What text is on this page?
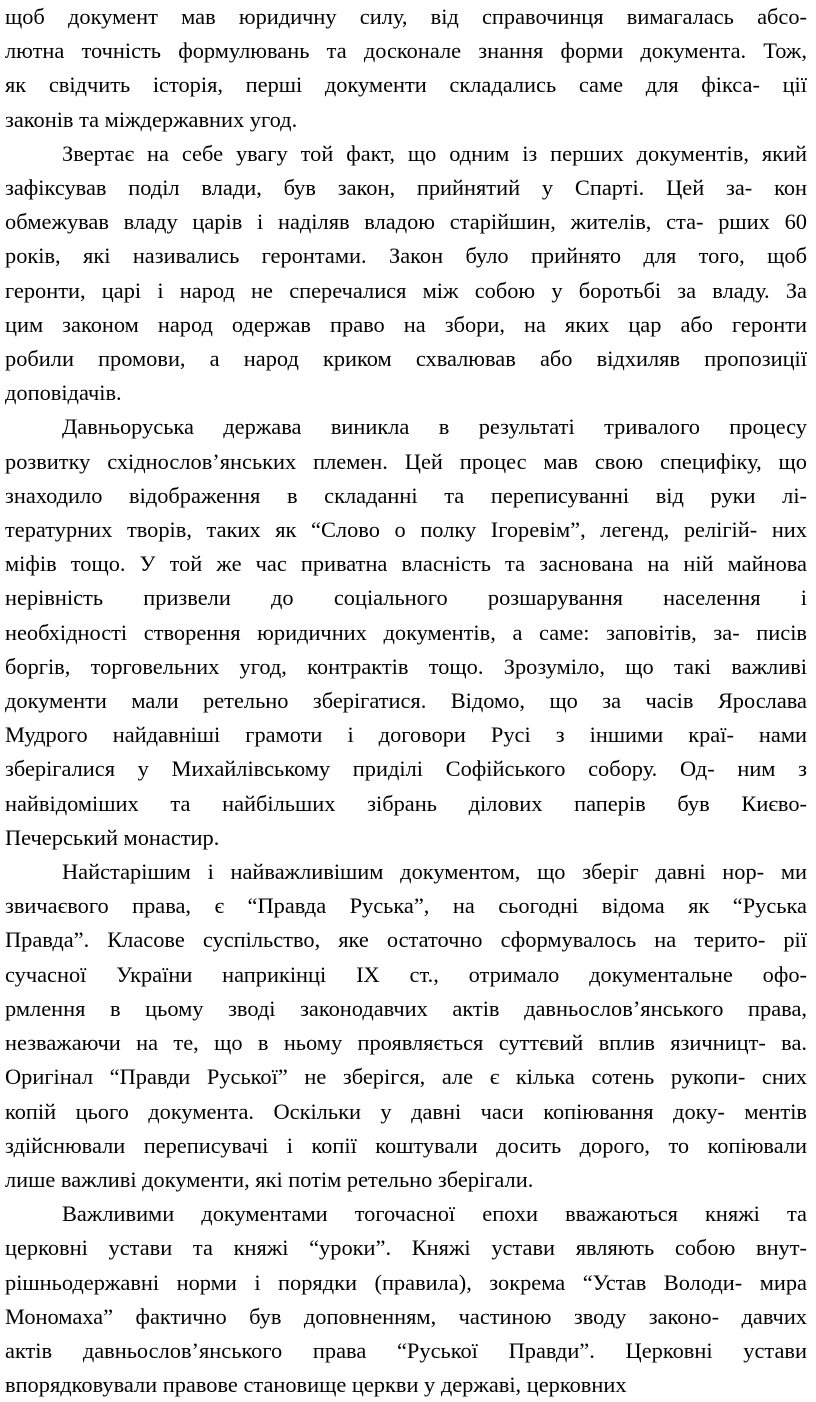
щоб документ мав юридичну силу, від справочинця вимагалась абсо-
лютна точність формулювань та досконале знання форми документа. Тож,
як свідчить історія, перші документи складались саме для фікса- ції
законів та міждержавних угод.

Звертає на себе увагу той факт, що одним із перших документів, який
зафіксував поділ влади, був закон, прийнятий у Спарті. Цей за- кон
обмежував владу царів і наділяв владою старійшин, жителів, ста- рших 60
років, які називались геронтами. Закон було прийнято для того, щоб
геронти, царі і народ не сперечалися між собою у боротьбі за владу. За
цим законом народ одержав право на збори, на яких цар або геронти
робили промови, а народ криком схвалював або відхиляв пропозиції
доповідачів.

Давньоруська держава виникла в результаті тривалого процесу
розвитку східнослов’янських племен. Цей процес мав свою специфіку, що
знаходило відображення в складанні та переписуванні від руки лі-
тературних творів, таких як “Слово о полку Ігоревім”, легенд, релігій- них
міфів тощо. У той же час приватна власність та заснована на ній майнова
нерівність призвели до соціального розшарування населення і
необхідності створення юридичних документів, а саме: заповітів, за- писів
боргів, торговельних угод, контрактів тощо. Зрозуміло, що такі важливі
документи мали ретельно зберігатися. Відомо, що за часів Ярослава
Мудрого найдавніші грамоти і договори Русі з іншими краї- нами
зберігалися у Михайлівському приділі Софійського собору. Од- ним з
найвідоміших та найбільших зібрань ділових паперів був Києво-
Печерський монастир.

Найстарішим і найважливішим документом, що зберіг давні нор- ми
звичаєвого права, є “Правда Руська”, на сьогодні відома як “Руська
Правда”. Класове суспільство, яке остаточно сформувалось на терито- рії
сучасної України наприкінці IX ст., отримало документальне офо-
рмлення в цьому зводі законодавчих актів давньослов’янського права,
незважаючи на те, що в ньому проявляється суттєвий вплив язичницт- ва.
Оригінал “Правди Руської” не зберігся, але є кілька сотень рукопи- сних
копій цього документа. Оскільки у давні часи копіювання доку- ментів
здійснювали переписувачі і копії коштували досить дорого, то копіювали
лише важливі документи, які потім ретельно зберігали.

Важливими документами тогочасної епохи вважаються княжі та
церковні устави та княжі “уроки”. Княжі устави являють собою внут-
рішньодержавні норми і порядки (правила), зокрема “Устав Володи- мира
Мономаха” фактично був доповненням, частиною зводу законо- давчих
актів давньослов’янського права “Руської Правди”. Церковні устави
впорядковували правове становище церкви у державі, церковних
